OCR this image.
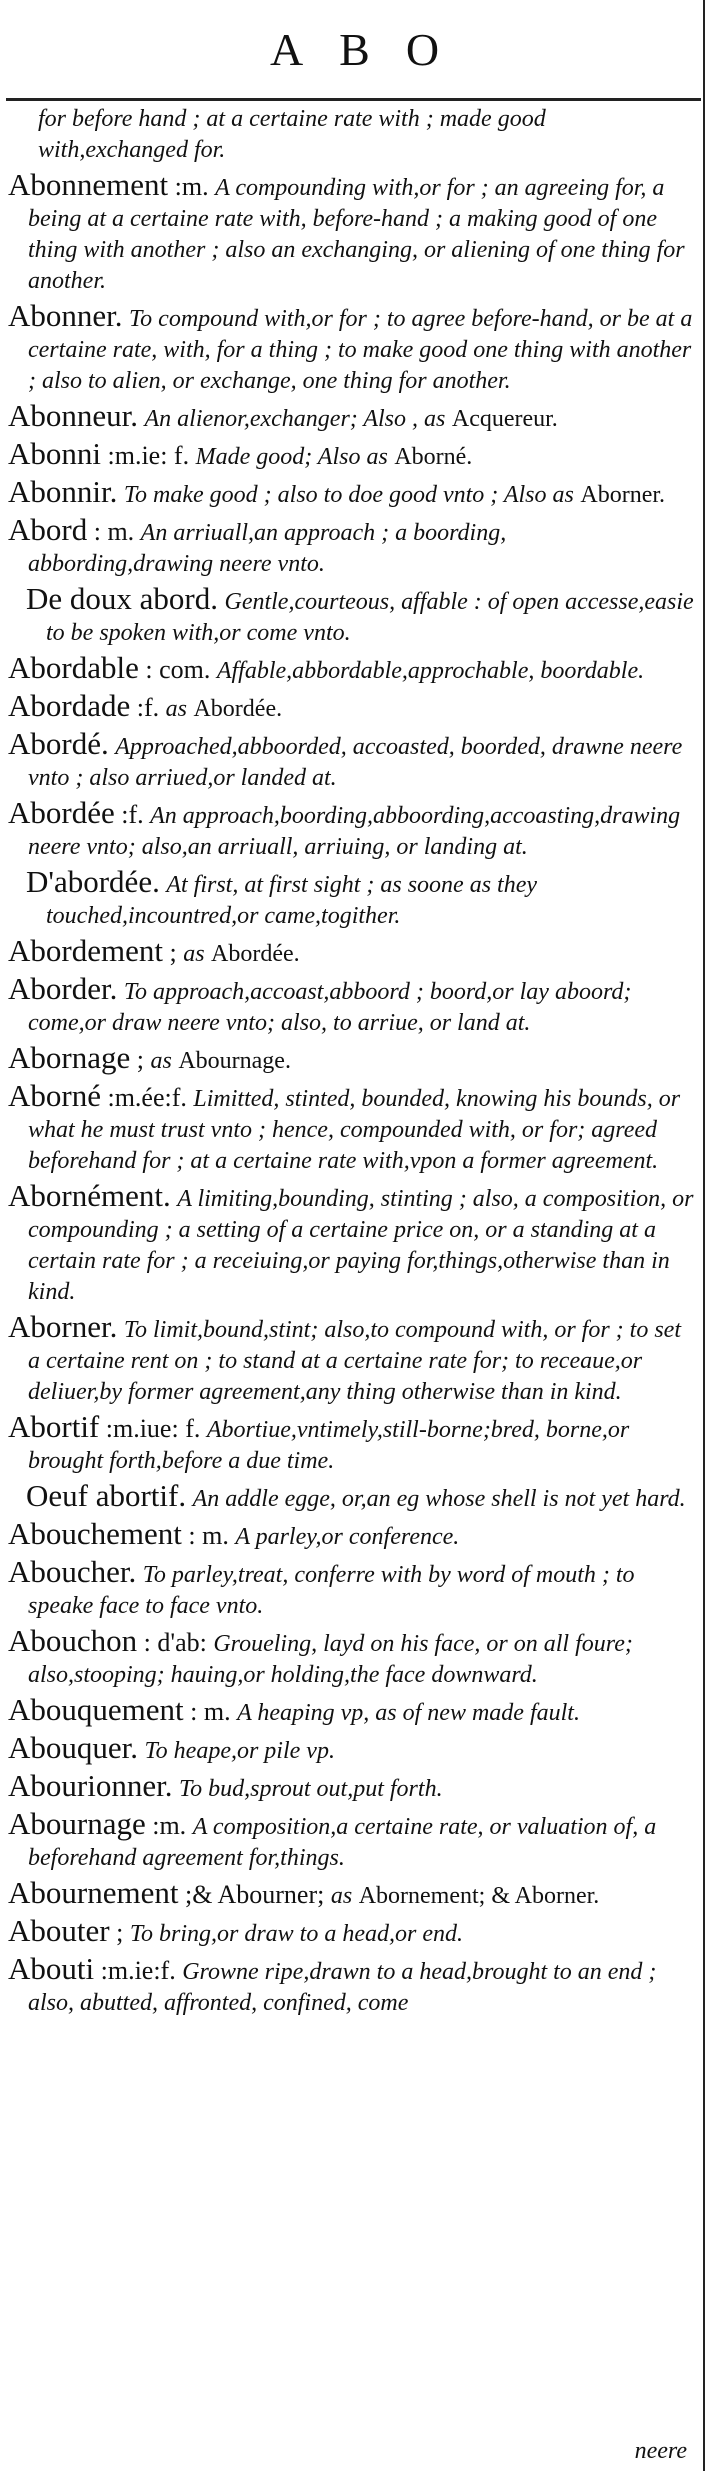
ABO
for before hand ; at a certaine rate with ; made good with,exchanged for.
Abonnement :m. A compounding with,or for ; an agreeing for, a being at a certaine rate with, before-hand ; a making good of one thing with another ; also an exchanging, or aliening of one thing for another.
Abonner. To compound with,or for ; to agree before-hand, or be at a certaine rate, with, for a thing ; to make good one thing with another ; also to alien, or exchange, one thing for another.
Abonneur. An alienor,exchanger; Also , as Acquereur.
Abonni :m.ie: f. Made good; Also as Aborné.
Abonnir. To make good ; also to doe good vnto ; Also as Aborner.
Abord : m. An arriuall,an approach ; a boording, abbording,drawing neere vnto.
De doux abord. Gentle,courteous, affable : of open accesse,easie to be spoken with,or come vnto.
Abordable : com. Affable,abbordable,approchable, boordable.
Abordade :f. as Abordée.
Abordé. Approached,abboorded, accoasted, boorded, drawne neere vnto ; also arriued,or landed at.
Abordée :f. An approach,boording,abboording,accoasting,drawing neere vnto; also,an arriuall, arriuing, or landing at.
D'abordée. At first, at first sight ; as soone as they touched,incountred,or came,togither.
Abordement ; as Abordée.
Aborder. To approach,accoast,abboord ; boord,or lay aboord; come,or draw neere vnto; also, to arriue, or land at.
Abornage ; as Abournage.
Aborné :m.ée:f. Limitted, stinted, bounded, knowing his bounds, or what he must trust vnto ; hence, compounded with, or for; agreed beforehand for ; at a certaine rate with,vpon a former agreement.
Abornément. A limiting,bounding, stinting ; also, a composition, or compounding ; a setting of a certaine price on, or a standing at a certain rate for ; a receiuing,or paying for,things,otherwise than in kind.
Aborner. To limit,bound,stint; also,to compound with, or for ; to set a certaine rent on ; to stand at a certaine rate for; to receaue,or deliuer,by former agreement,any thing otherwise than in kind.
Abortif :m.iue: f. Abortiue,vntimely,still-borne;bred, borne,or brought forth,before a due time.
Oeuf abortif. An addle egge, or,an eg whose shell is not yet hard.
Abouchement : m. A parley,or conference.
Aboucher. To parley,treat, conferre with by word of mouth ; to speake face to face vnto.
Abouchon : d'ab: Groueling, layd on his face, or on all foure; also,stooping; hauing,or holding,the face downward.
Abouquement : m. A heaping vp, as of new made fault.
Abouquer. To heape,or pile vp.
Abourionner. To bud,sprout out,put forth.
Abournage :m. A composition,a certaine rate, or valuation of, a beforehand agreement for,things.
Abournement ;& Abourner; as Abornement; & Aborner.
Abouter ; To bring,or draw to a head,or end.
Abouti :m.ie:f. Growne ripe,drawn to a head,brought to an end ; also, abutted, affronted, confined, come
neere
